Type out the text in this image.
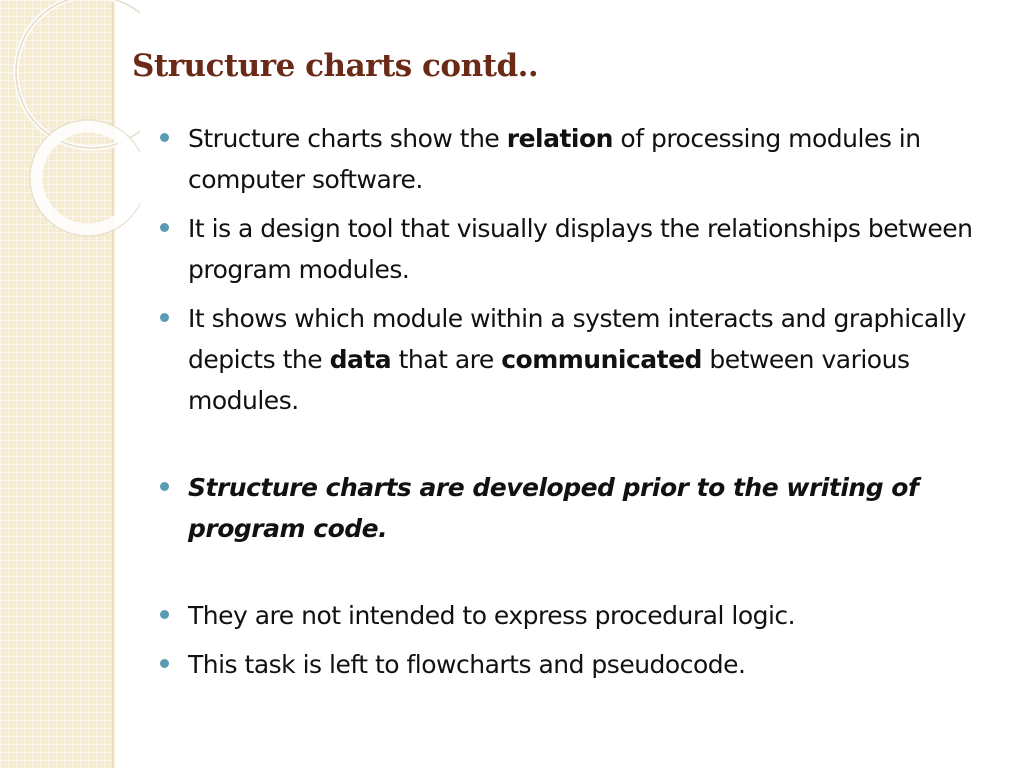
Structure charts contd..
Structure charts show the relation of processing modules in computer software.
It is a design tool that visually displays the relationships between program modules.
It shows which module within a system interacts and graphically depicts the data that are communicated between various modules.
Structure charts are developed prior to the writing of program code.
They are not intended to express procedural logic.
This task is left to flowcharts and pseudocode.
